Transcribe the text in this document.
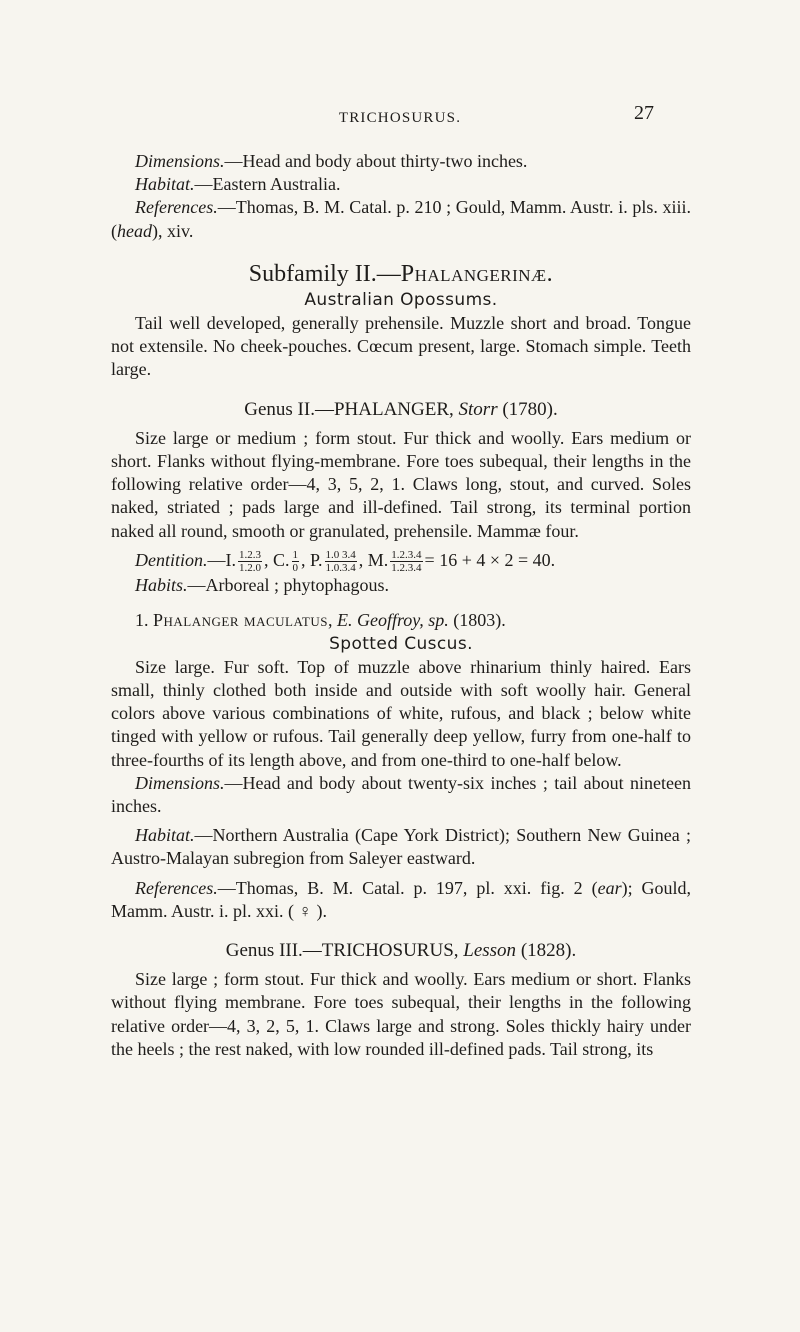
TRICHOSURUS.	27

Dimensions.—Head and body about thirty-two inches.

Habitat.—Eastern Australia.

References.—Thomas, B. M. Catal. p. 210 ; Gould, Mamm. Austr. i. pls. xiii. (head), xiv.

Subfamily II.—Phalangerinæ.

Australian Opossums.

Tail well developed, generally prehensile. Muzzle short and broad. Tongue not extensile. No cheek-pouches. Cœcum present, large. Stomach simple. Teeth large.

Genus II.—PHALANGER, Storr (1780).

Size large or medium ; form stout. Fur thick and woolly. Ears medium or short. Flanks without flying-membrane. Fore toes subequal, their lengths in the following relative order—4, 3, 5, 2, 1. Claws long, stout, and curved. Soles naked, striated ; pads large and ill-defined. Tail strong, its terminal portion naked all round, smooth or granulated, prehensile. Mammæ four.

Dentition.—I. $\frac{1.2.3}{1.2.0}$ , C. $\frac{1}{0}$ , P. $\frac{1.0 3.4}{1.0.3.4}$ , M. $\frac{1.2.3.4}{1.2.3.4} = 16 + 4 \times 2 = 40$.

Habits.—Arboreal ; phytophagous.

1. Phalanger maculatus, E. Geoffroy, sp. (1803).

Spotted Cuscus.

Size large. Fur soft. Top of muzzle above rhinarium thinly haired. Ears small, thinly clothed both inside and outside with soft woolly hair. General colors above various combinations of white, rufous, and black ; below white tinged with yellow or rufous. Tail generally deep yellow, furry from one-half to three-fourths of its length above, and from one-third to one-half below.

Dimensions.—Head and body about twenty-six inches ; tail about nineteen inches.

Habitat.—Northern Australia (Cape York District); Southern New Guinea ; Austro-Malayan subregion from Saleyer eastward.

References.—Thomas, B. M. Catal. p. 197, pl. xxi. fig. 2 (ear); Gould, Mamm. Austr. i. pl. xxi. ( ♀ ).

Genus III.—TRICHOSURUS, Lesson (1828).

Size large ; form stout. Fur thick and woolly. Ears medium or short. Flanks without flying membrane. Fore toes subequal, their lengths in the following relative order—4, 3, 2, 5, 1. Claws large and strong. Soles thickly hairy under the heels ; the rest naked, with low rounded ill-defined pads. Tail strong, its
